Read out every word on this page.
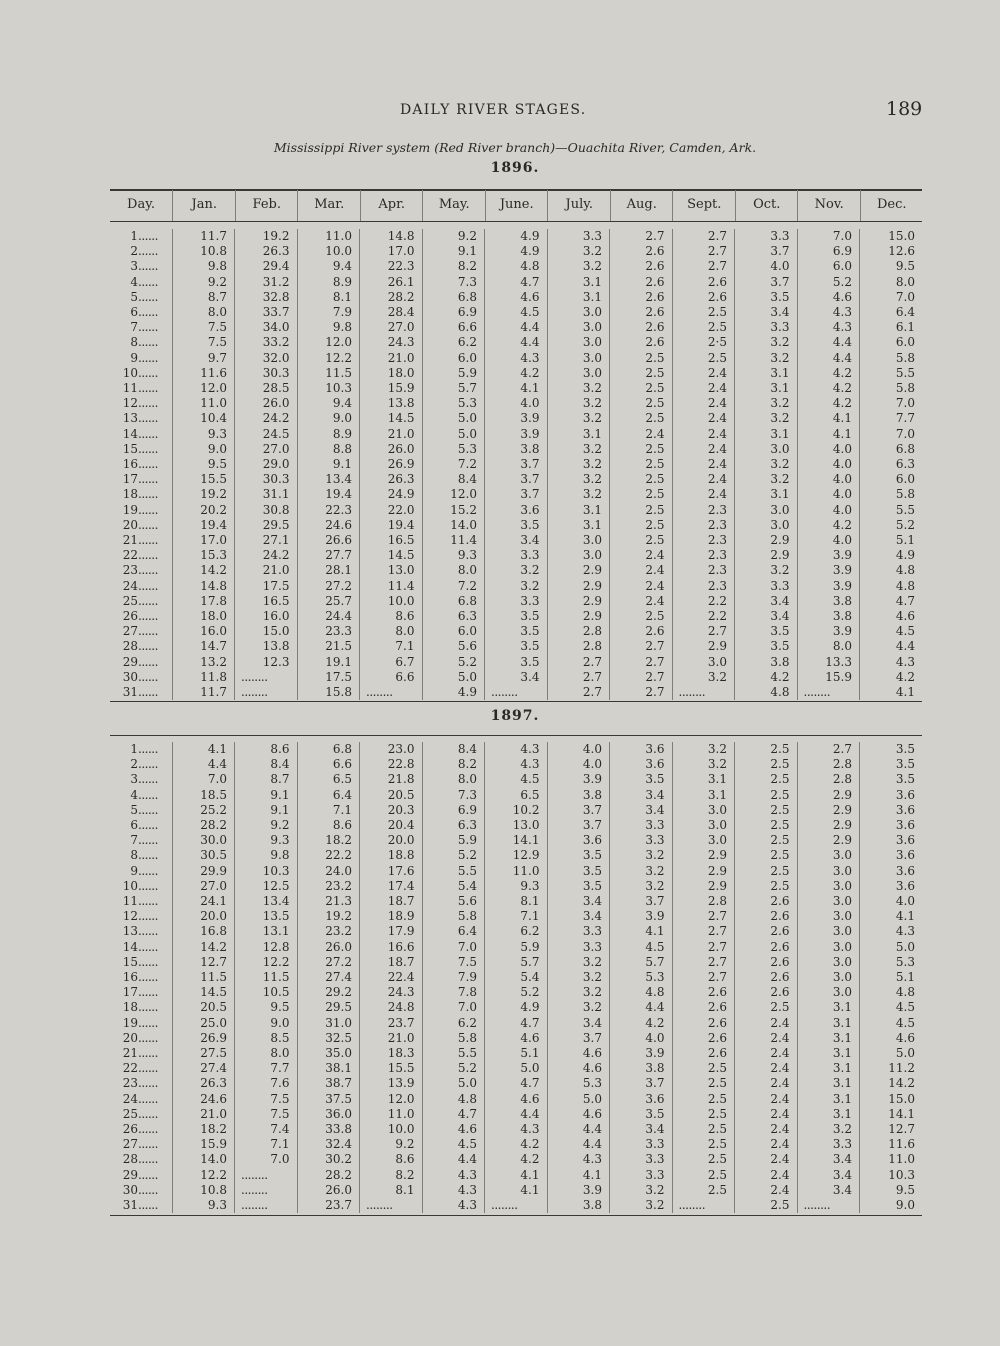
DAILY RIVER STAGES.	189
Mississippi River system (Red River branch)—Ouachita River, Camden, Ark.
1896.
Day.	Jan.	Feb.	Mar.	Apr.	May.	June.	July.	Aug.	Sept.	Oct.	Nov.	Dec.
1......	11.7	19.2	11.0	14.8	9.2	4.9	3.3	2.7	2.7	3.3	7.0	15.0
2......	10.8	26.3	10.0	17.0	9.1	4.9	3.2	2.6	2.7	3.7	6.9	12.6
3......	9.8	29.4	9.4	22.3	8.2	4.8	3.2	2.6	2.7	4.0	6.0	9.5
4......	9.2	31.2	8.9	26.1	7.3	4.7	3.1	2.6	2.6	3.7	5.2	8.0
5......	8.7	32.8	8.1	28.2	6.8	4.6	3.1	2.6	2.6	3.5	4.6	7.0
6......	8.0	33.7	7.9	28.4	6.9	4.5	3.0	2.6	2.5	3.4	4.3	6.4
7......	7.5	34.0	9.8	27.0	6.6	4.4	3.0	2.6	2.5	3.3	4.3	6.1
8......	7.5	33.2	12.0	24.3	6.2	4.4	3.0	2.6	2·5	3.2	4.4	6.0
9......	9.7	32.0	12.2	21.0	6.0	4.3	3.0	2.5	2.5	3.2	4.4	5.8
10......	11.6	30.3	11.5	18.0	5.9	4.2	3.0	2.5	2.4	3.1	4.2	5.5
11......	12.0	28.5	10.3	15.9	5.7	4.1	3.2	2.5	2.4	3.1	4.2	5.8
12......	11.0	26.0	9.4	13.8	5.3	4.0	3.2	2.5	2.4	3.2	4.2	7.0
13......	10.4	24.2	9.0	14.5	5.0	3.9	3.2	2.5	2.4	3.2	4.1	7.7
14......	9.3	24.5	8.9	21.0	5.0	3.9	3.1	2.4	2.4	3.1	4.1	7.0
15......	9.0	27.0	8.8	26.0	5.3	3.8	3.2	2.5	2.4	3.0	4.0	6.8
16......	9.5	29.0	9.1	26.9	7.2	3.7	3.2	2.5	2.4	3.2	4.0	6.3
17......	15.5	30.3	13.4	26.3	8.4	3.7	3.2	2.5	2.4	3.2	4.0	6.0
18......	19.2	31.1	19.4	24.9	12.0	3.7	3.2	2.5	2.4	3.1	4.0	5.8
19......	20.2	30.8	22.3	22.0	15.2	3.6	3.1	2.5	2.3	3.0	4.0	5.5
20......	19.4	29.5	24.6	19.4	14.0	3.5	3.1	2.5	2.3	3.0	4.2	5.2
21......	17.0	27.1	26.6	16.5	11.4	3.4	3.0	2.5	2.3	2.9	4.0	5.1
22......	15.3	24.2	27.7	14.5	9.3	3.3	3.0	2.4	2.3	2.9	3.9	4.9
23......	14.2	21.0	28.1	13.0	8.0	3.2	2.9	2.4	2.3	3.2	3.9	4.8
24......	14.8	17.5	27.2	11.4	7.2	3.2	2.9	2.4	2.3	3.3	3.9	4.8
25......	17.8	16.5	25.7	10.0	6.8	3.3	2.9	2.4	2.2	3.4	3.8	4.7
26......	18.0	16.0	24.4	8.6	6.3	3.5	2.9	2.5	2.2	3.4	3.8	4.6
27......	16.0	15.0	23.3	8.0	6.0	3.5	2.8	2.6	2.7	3.5	3.9	4.5
28......	14.7	13.8	21.5	7.1	5.6	3.5	2.8	2.7	2.9	3.5	8.0	4.4
29......	13.2	12.3	19.1	6.7	5.2	3.5	2.7	2.7	3.0	3.8	13.3	4.3
30......	11.8	........	17.5	6.6	5.0	3.4	2.7	2.7	3.2	4.2	15.9	4.2
31......	11.7	........	15.8	........	4.9	........	2.7	2.7	........	4.8	........	4.1
1897.
1......	4.1	8.6	6.8	23.0	8.4	4.3	4.0	3.6	3.2	2.5	2.7	3.5
2......	4.4	8.4	6.6	22.8	8.2	4.3	4.0	3.6	3.2	2.5	2.8	3.5
3......	7.0	8.7	6.5	21.8	8.0	4.5	3.9	3.5	3.1	2.5	2.8	3.5
4......	18.5	9.1	6.4	20.5	7.3	6.5	3.8	3.4	3.1	2.5	2.9	3.6
5......	25.2	9.1	7.1	20.3	6.9	10.2	3.7	3.4	3.0	2.5	2.9	3.6
6......	28.2	9.2	8.6	20.4	6.3	13.0	3.7	3.3	3.0	2.5	2.9	3.6
7......	30.0	9.3	18.2	20.0	5.9	14.1	3.6	3.3	3.0	2.5	2.9	3.6
8......	30.5	9.8	22.2	18.8	5.2	12.9	3.5	3.2	2.9	2.5	3.0	3.6
9......	29.9	10.3	24.0	17.6	5.5	11.0	3.5	3.2	2.9	2.5	3.0	3.6
10......	27.0	12.5	23.2	17.4	5.4	9.3	3.5	3.2	2.9	2.5	3.0	3.6
11......	24.1	13.4	21.3	18.7	5.6	8.1	3.4	3.7	2.8	2.6	3.0	4.0
12......	20.0	13.5	19.2	18.9	5.8	7.1	3.4	3.9	2.7	2.6	3.0	4.1
13......	16.8	13.1	23.2	17.9	6.4	6.2	3.3	4.1	2.7	2.6	3.0	4.3
14......	14.2	12.8	26.0	16.6	7.0	5.9	3.3	4.5	2.7	2.6	3.0	5.0
15......	12.7	12.2	27.2	18.7	7.5	5.7	3.2	5.7	2.7	2.6	3.0	5.3
16......	11.5	11.5	27.4	22.4	7.9	5.4	3.2	5.3	2.7	2.6	3.0	5.1
17......	14.5	10.5	29.2	24.3	7.8	5.2	3.2	4.8	2.6	2.6	3.0	4.8
18......	20.5	9.5	29.5	24.8	7.0	4.9	3.2	4.4	2.6	2.5	3.1	4.5
19......	25.0	9.0	31.0	23.7	6.2	4.7	3.4	4.2	2.6	2.4	3.1	4.5
20......	26.9	8.5	32.5	21.0	5.8	4.6	3.7	4.0	2.6	2.4	3.1	4.6
21......	27.5	8.0	35.0	18.3	5.5	5.1	4.6	3.9	2.6	2.4	3.1	5.0
22......	27.4	7.7	38.1	15.5	5.2	5.0	4.6	3.8	2.5	2.4	3.1	11.2
23......	26.3	7.6	38.7	13.9	5.0	4.7	5.3	3.7	2.5	2.4	3.1	14.2
24......	24.6	7.5	37.5	12.0	4.8	4.6	5.0	3.6	2.5	2.4	3.1	15.0
25......	21.0	7.5	36.0	11.0	4.7	4.4	4.6	3.5	2.5	2.4	3.1	14.1
26......	18.2	7.4	33.8	10.0	4.6	4.3	4.4	3.4	2.5	2.4	3.2	12.7
27......	15.9	7.1	32.4	9.2	4.5	4.2	4.4	3.3	2.5	2.4	3.3	11.6
28......	14.0	7.0	30.2	8.6	4.4	4.2	4.3	3.3	2.5	2.4	3.4	11.0
29......	12.2	........	28.2	8.2	4.3	4.1	4.1	3.3	2.5	2.4	3.4	10.3
30......	10.8	........	26.0	8.1	4.3	4.1	3.9	3.2	2.5	2.4	3.4	9.5
31......	9.3	........	23.7	........	4.3	........	3.8	3.2	........	2.5	........	9.0
